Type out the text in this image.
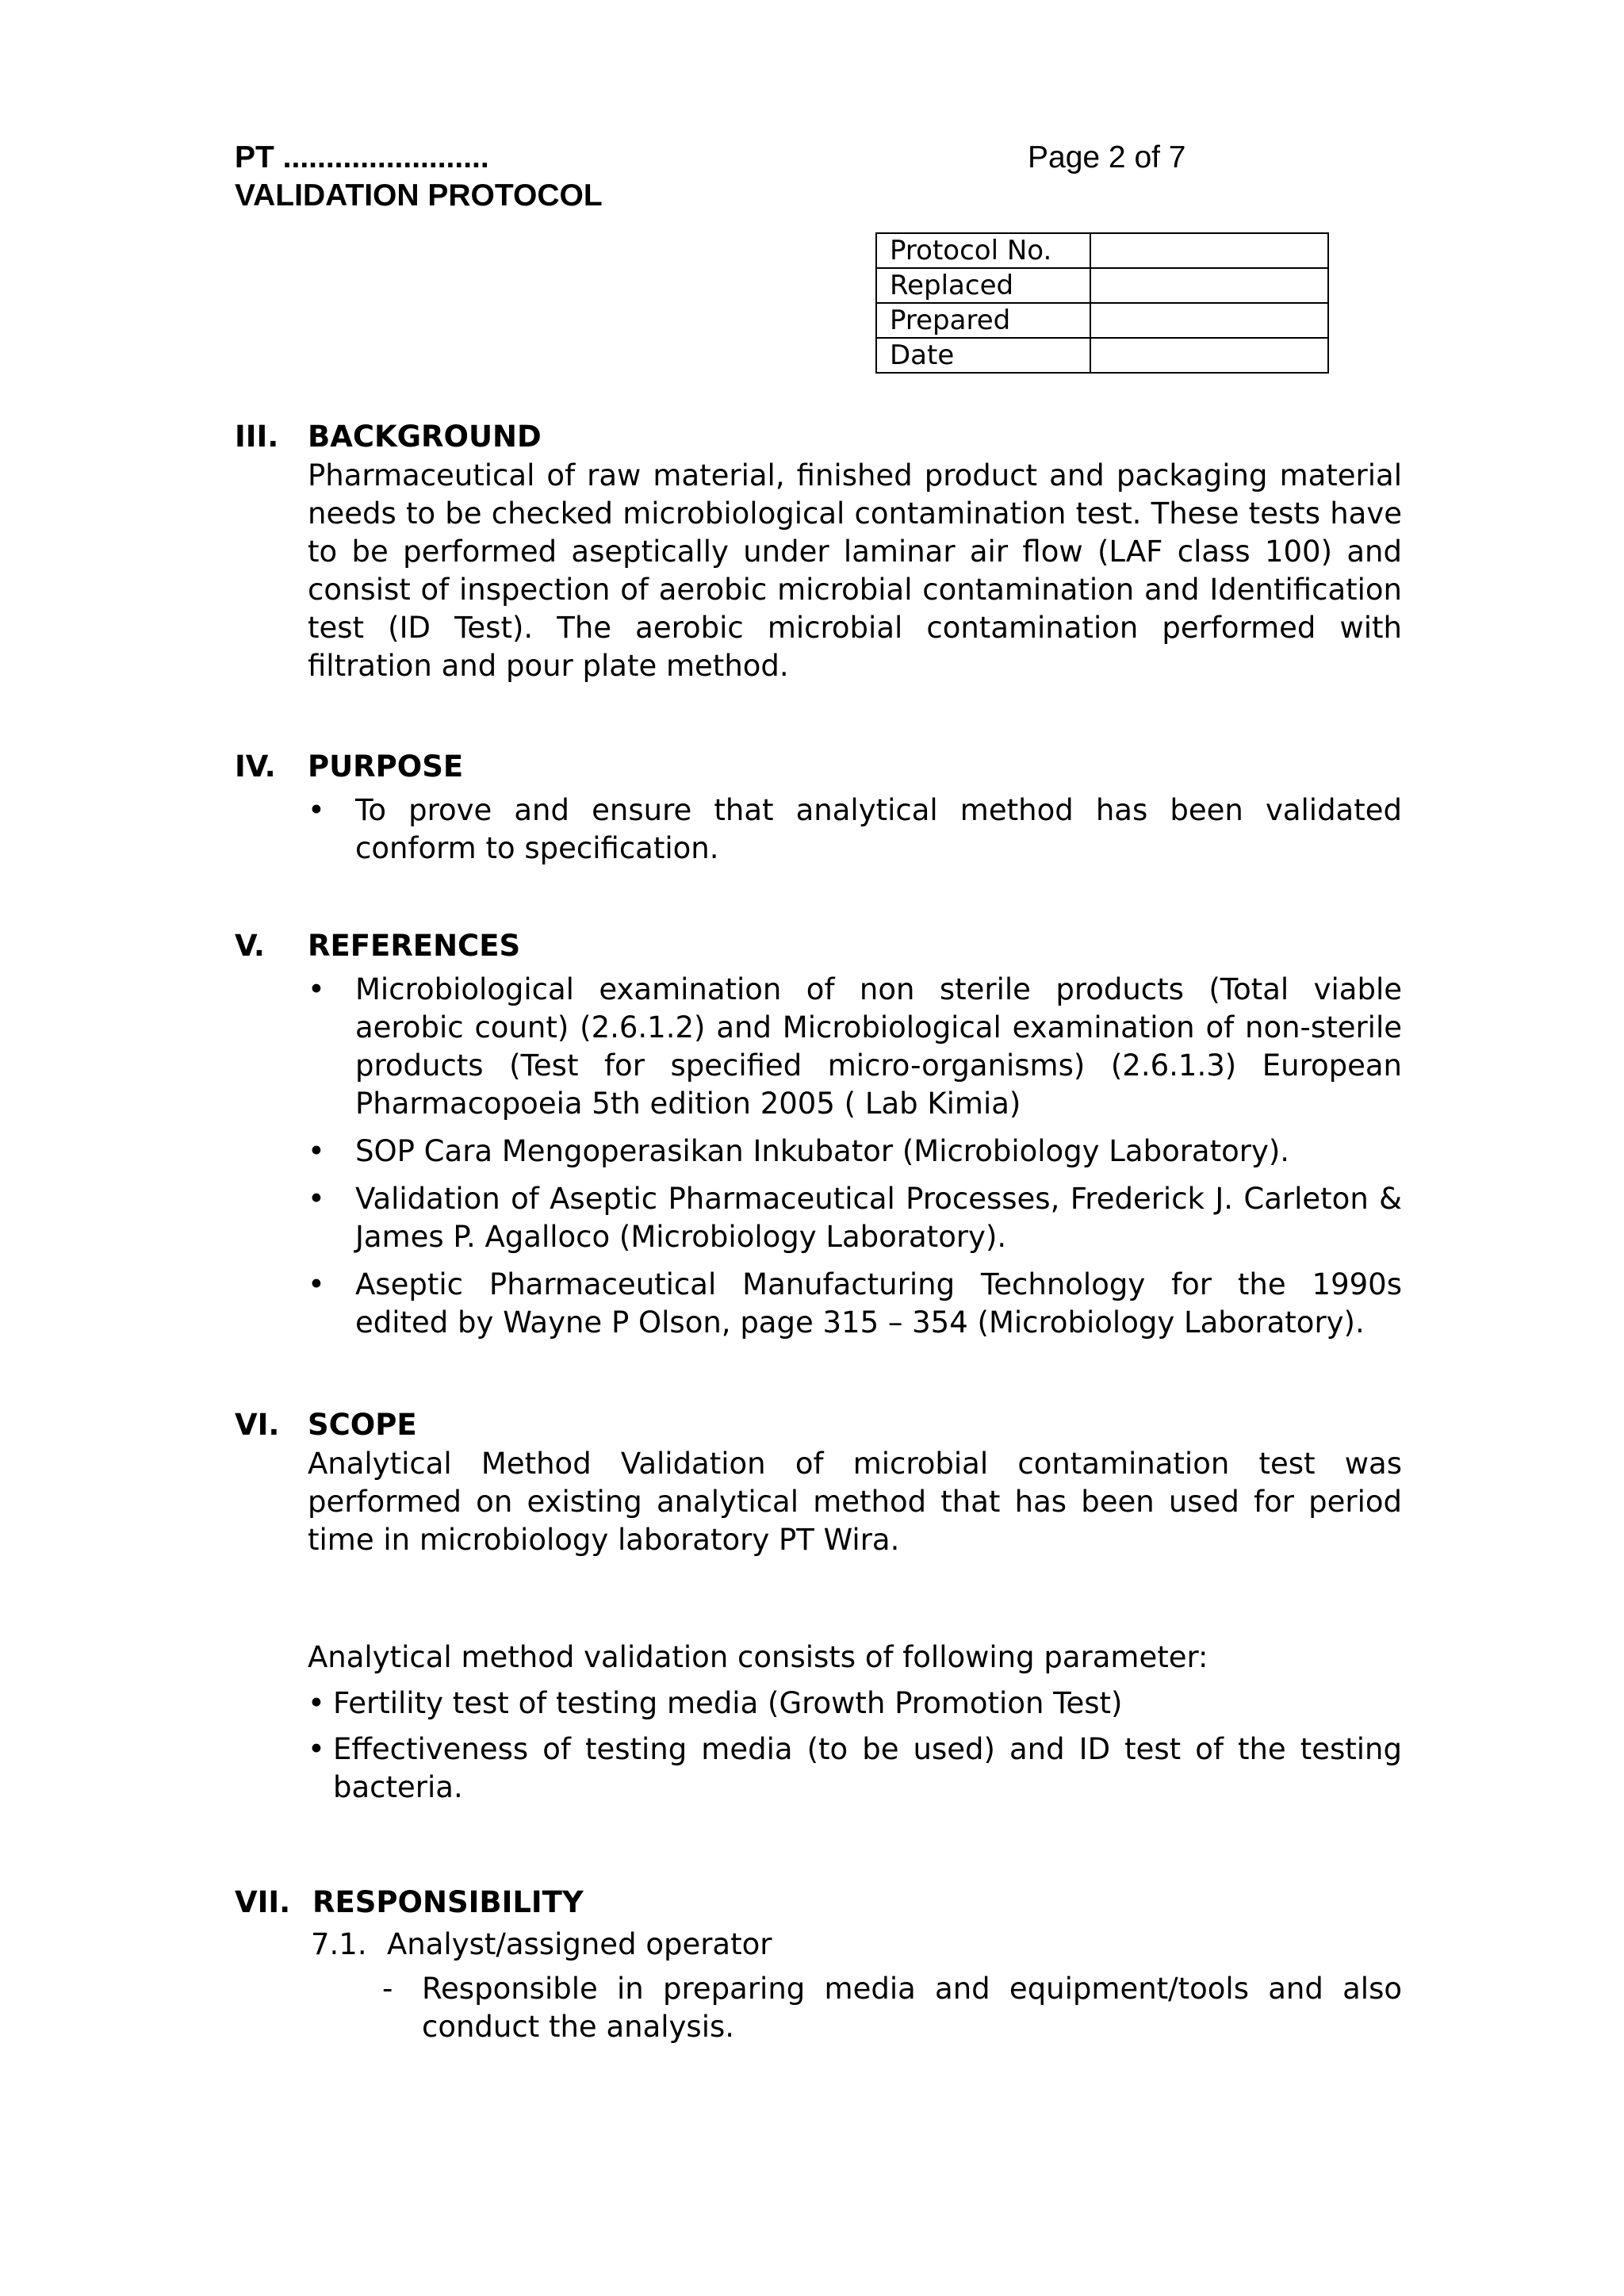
PT ........................
VALIDATION PROTOCOL
Page 2 of 7
Protocol No.	
Replaced	
Prepared	
Date	
III. BACKGROUND
Pharmaceutical of raw material, finished product and packaging material needs to be checked microbiological contamination test. These tests have to be performed aseptically under laminar air flow (LAF class 100) and consist of inspection of aerobic microbial contamination and Identification test (ID Test). The aerobic microbial contamination performed with filtration and pour plate method.
IV. PURPOSE
•	To prove and ensure that analytical method has been validated conform to specification.
V. REFERENCES
•	Microbiological examination of non sterile products (Total viable aerobic count) (2.6.1.2) and Microbiological examination of non-sterile products (Test for specified micro-organisms) (2.6.1.3) European Pharmacopoeia 5th edition 2005 ( Lab Kimia)
•	SOP Cara Mengoperasikan Inkubator (Microbiology Laboratory).
•	Validation of Aseptic Pharmaceutical Processes, Frederick J. Carleton & James P. Agalloco (Microbiology Laboratory).
•	Aseptic Pharmaceutical Manufacturing Technology for the 1990s edited by Wayne P Olson, page 315 – 354 (Microbiology Laboratory).
VI. SCOPE
Analytical Method Validation of microbial contamination test was performed on existing analytical method that has been used for period time in microbiology laboratory PT Wira.
Analytical method validation consists of following parameter:
• Fertility test of testing media (Growth Promotion Test)
• Effectiveness of testing media (to be used) and ID test of the testing bacteria.
VII. RESPONSIBILITY
7.1. Analyst/assigned operator
- Responsible in preparing media and equipment/tools and also conduct the analysis.
